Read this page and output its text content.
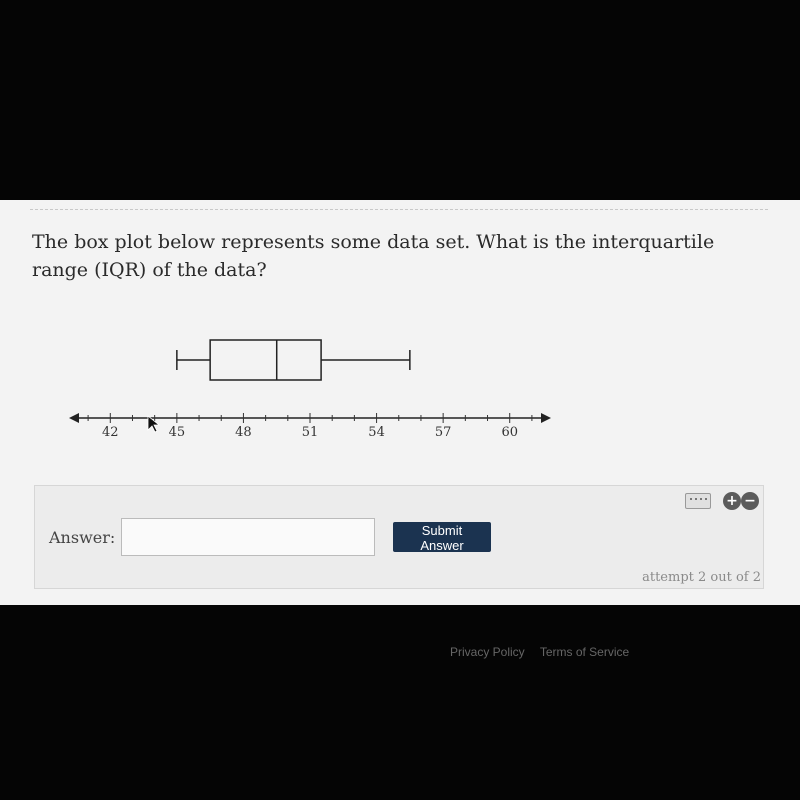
The box plot below represents some data set. What is the interquartile range (IQR) of the data?
42	45	48	51	54	57	60
+ −
Answer:	Submit Answer
attempt 2 out of 2
Privacy Policy Terms of Service
